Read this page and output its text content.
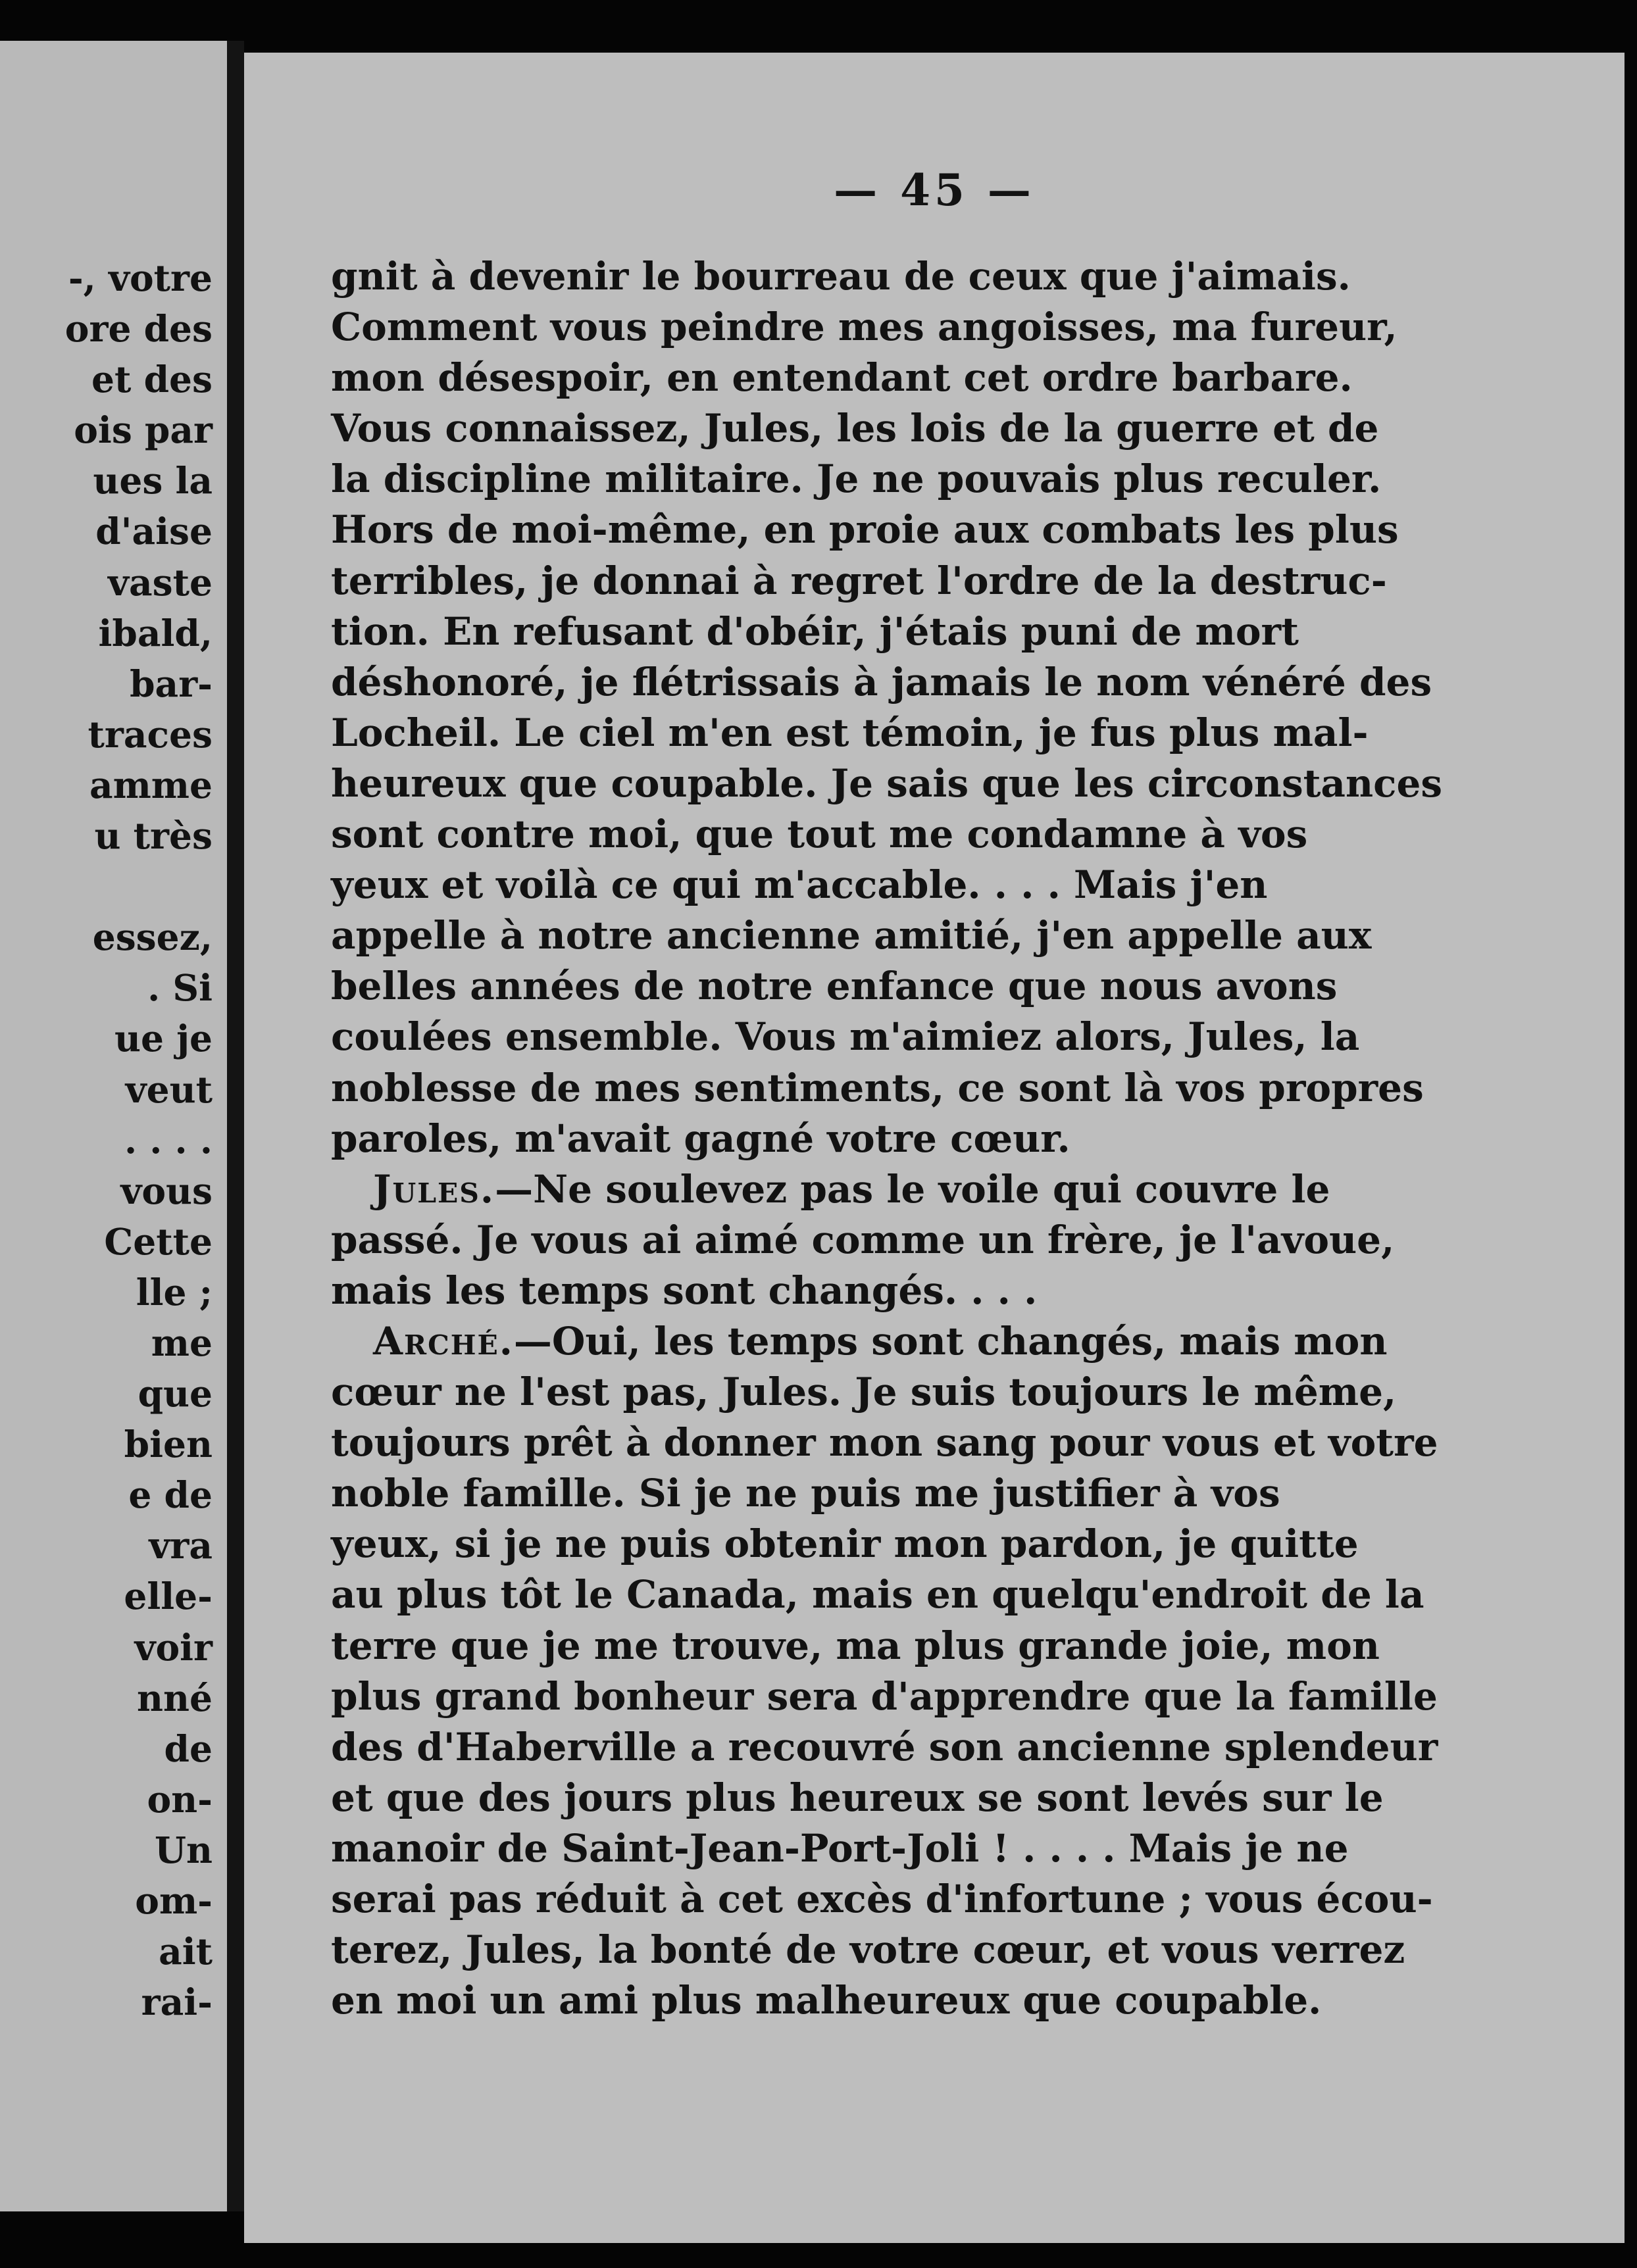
-, votre
ore des
et des
ois par
ues la
d'aise
vaste
ibald,
bar-
traces
amme
u très

essez,
. Si
ue je
veut
. . . .
vous
Cette
lle ;
me
que
bien
e de
vra
elle-
voir
nné
de
on-
Un
om-
ait
rai-
— 45 —
gnit à devenir le bourreau de ceux que j'aimais.
Comment vous peindre mes angoisses, ma fureur,
mon désespoir, en entendant cet ordre barbare.
Vous connaissez, Jules, les lois de la guerre et de
la discipline militaire. Je ne pouvais plus reculer.
Hors de moi-même, en proie aux combats les plus
terribles, je donnai à regret l'ordre de la destruc-
tion. En refusant d'obéir, j'étais puni de mort
déshonoré, je flétrissais à jamais le nom vénéré des
Locheil. Le ciel m'en est témoin, je fus plus mal-
heureux que coupable. Je sais que les circonstances
sont contre moi, que tout me condamne à vos
yeux et voilà ce qui m'accable. . . . Mais j'en
appelle à notre ancienne amitié, j'en appelle aux
belles années de notre enfance que nous avons
coulées ensemble. Vous m'aimiez alors, Jules, la
noblesse de mes sentiments, ce sont là vos propres
paroles, m'avait gagné votre cœur.
Jules.—Ne soulevez pas le voile qui couvre le
passé. Je vous ai aimé comme un frère, je l'avoue,
mais les temps sont changés. . . .
Arché.—Oui, les temps sont changés, mais mon
cœur ne l'est pas, Jules. Je suis toujours le même,
toujours prêt à donner mon sang pour vous et votre
noble famille. Si je ne puis me justifier à vos
yeux, si je ne puis obtenir mon pardon, je quitte
au plus tôt le Canada, mais en quelqu'endroit de la
terre que je me trouve, ma plus grande joie, mon
plus grand bonheur sera d'apprendre que la famille
des d'Haberville a recouvré son ancienne splendeur
et que des jours plus heureux se sont levés sur le
manoir de Saint-Jean-Port-Joli ! . . . . Mais je ne
serai pas réduit à cet excès d'infortune ; vous écou-
terez, Jules, la bonté de votre cœur, et vous verrez
en moi un ami plus malheureux que coupable.
